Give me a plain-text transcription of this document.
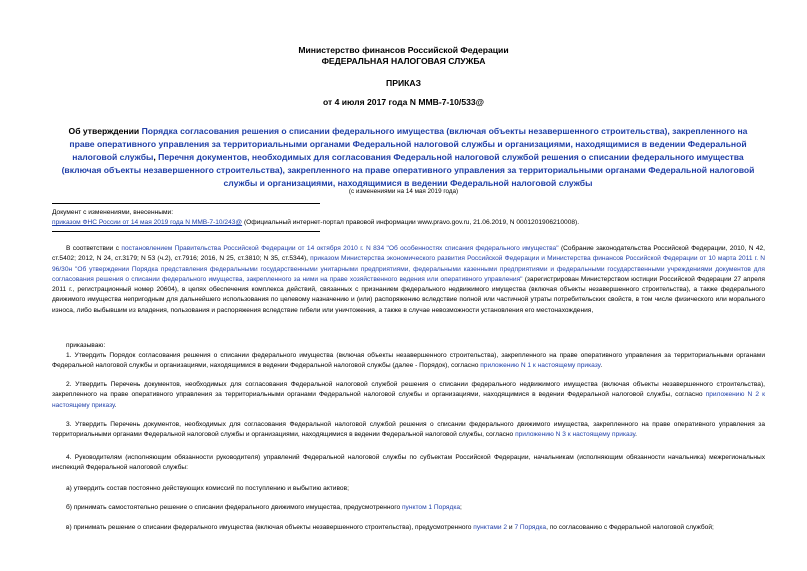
Министерство финансов Российской Федерации
ФЕДЕРАЛЬНАЯ НАЛОГОВАЯ СЛУЖБА
ПРИКАЗ
от 4 июля 2017 года N ММВ-7-10/533@
Об утверждении Порядка согласования решения о списании федерального имущества (включая объекты незавершенного строительства), закрепленного на праве оперативного управления за территориальными органами Федеральной налоговой службы и организациями, находящимися в ведении Федеральной налоговой службы, Перечня документов, необходимых для согласования Федеральной налоговой службой решения о списании федерального имущества (включая объекты незавершенного строительства), закрепленного на праве оперативного управления за территориальными органами Федеральной налоговой службы и организациями, находящимися в ведении Федеральной налоговой службы
(с изменениями на 14 мая 2019 года)
Документ с изменениями, внесенными:
приказом ФНС России от 14 мая 2019 года N ММВ-7-10/243@ (Официальный интернет-портал правовой информации www.pravo.gov.ru, 21.06.2019, N 0001201906210008).

В соответствии с постановлением Правительства Российской Федерации от 14 октября 2010 г. N 834 "Об особенностях списания федерального имущества" (Собрание законодательства Российской Федерации, 2010, N 42, ст.5402; 2012, N 24, ст.3179; N 53 (ч.2), ст.7916; 2016, N 25, ст.3810; N 35, ст.5344), приказом Министерства экономического развития Российской Федерации и Министерства финансов Российской Федерации от 10 марта 2011 г. N 96/30н "Об утверждении Порядка представления федеральными государственными унитарными предприятиями, федеральными казенными предприятиями и федеральными государственными учреждениями документов для согласования решения о списании федерального имущества, закрепленного за ними на праве хозяйственного ведения или оперативного управления" (зарегистрирован Министерством юстиции Российской Федерации 27 апреля 2011 г., регистрационный номер 20604), в целях обеспечения комплекса действий, связанных с признанием федерального недвижимого имущества (включая объекты незавершенного строительства), а также федерального движимого имущества непригодным для дальнейшего использования по целевому назначению и (или) распоряжению вследствие полной или частичной утраты потребительских свойств, в том числе физического или морального износа, либо выбывшим из владения, пользования и распоряжения вследствие гибели или уничтожения, а также в случае невозможности установления его местонахождения,

приказываю:

1. Утвердить Порядок согласования решения о списании федерального имущества (включая объекты незавершенного строительства), закрепленного на праве оперативного управления за территориальными органами Федеральной налоговой службы и организациями, находящимися в ведении Федеральной налоговой службы (далее - Порядок), согласно приложению N 1 к настоящему приказу.

2. Утвердить Перечень документов, необходимых для согласования Федеральной налоговой службой решения о списании федерального недвижимого имущества (включая объекты незавершенного строительства), закрепленного на праве оперативного управления за территориальными органами Федеральной налоговой службы и организациями, находящимися в ведении Федеральной налоговой службы, согласно приложению N 2 к настоящему приказу.

3. Утвердить Перечень документов, необходимых для согласования Федеральной налоговой службой решения о списании федерального движимого имущества, закрепленного на праве оперативного управления за территориальными органами Федеральной налоговой службы и организациями, находящимися в ведении Федеральной налоговой службы, согласно приложению N 3 к настоящему приказу.

4. Руководителям (исполняющим обязанности руководителя) управлений Федеральной налоговой службы по субъектам Российской Федерации, начальникам (исполняющим обязанности начальника) межрегиональных инспекций Федеральной налоговой службы:

а) утвердить состав постоянно действующих комиссий по поступлению и выбытию активов;
б) принимать самостоятельно решение о списании федерального движимого имущества, предусмотренного пунктом 1 Порядка;
в) принимать решение о списании федерального имущества (включая объекты незавершенного строительства), предусмотренного пунктами 2 и 7 Порядка, по согласованию с Федеральной налоговой службой;
